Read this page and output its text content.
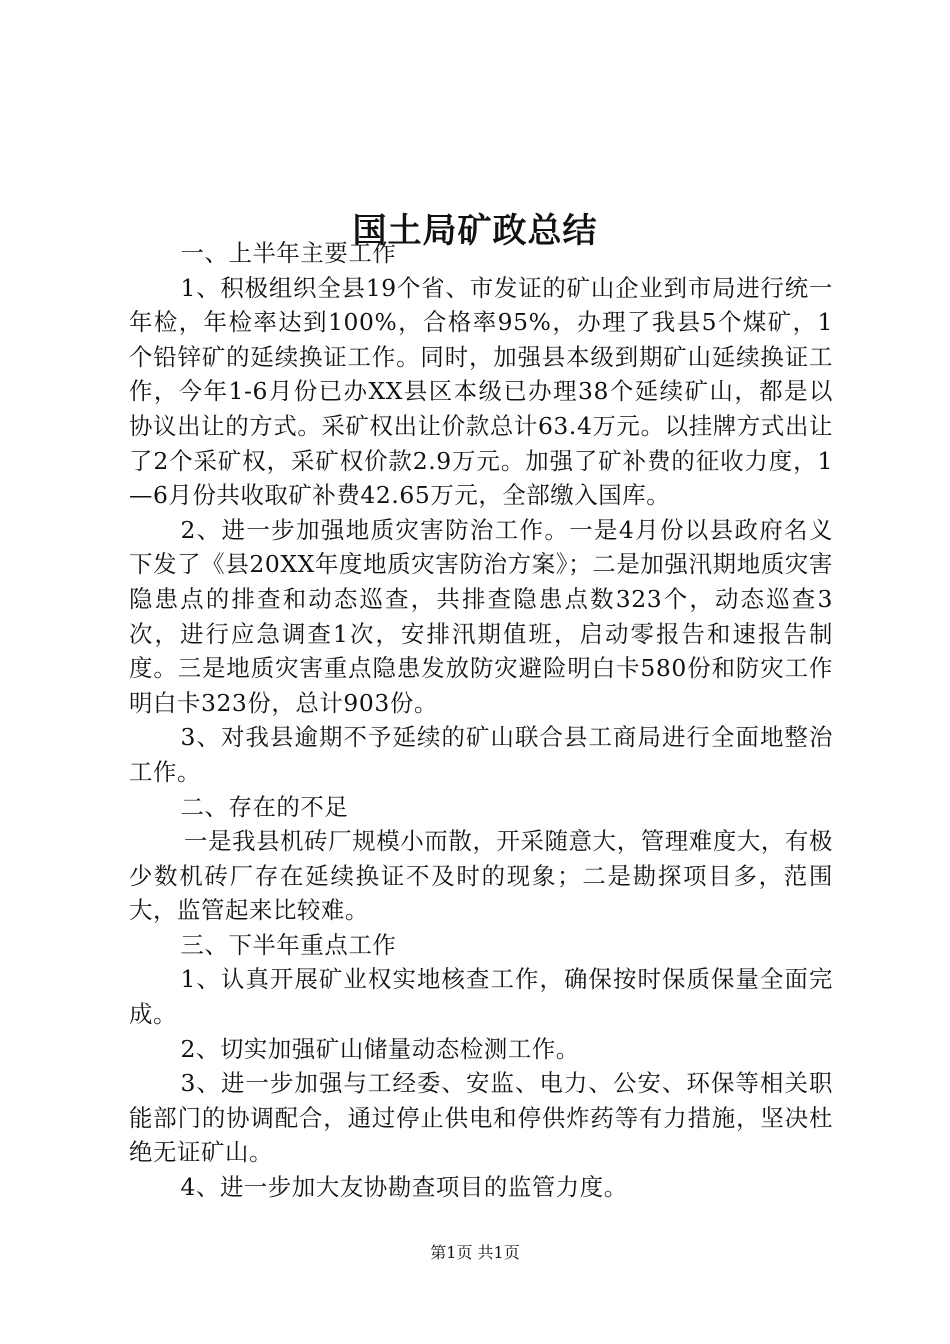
国土局矿政总结

一、上半年主要工作

1、积极组织全县19个省、市发证的矿山企业到市局进行统一年检，年检率达到100%，合格率95%，办理了我县5个煤矿，1个铅锌矿的延续换证工作。同时，加强县本级到期矿山延续换证工作，今年1-6月份已办XX县区本级已办理38个延续矿山，都是以协议出让的方式。采矿权出让价款总计63.4万元。以挂牌方式出让了2个采矿权，采矿权价款2.9万元。加强了矿补费的征收力度，1—6月份共收取矿补费42.65万元，全部缴入国库。

2、进一步加强地质灾害防治工作。一是4月份以县政府名义下发了《县20XX年度地质灾害防治方案》；二是加强汛期地质灾害隐患点的排查和动态巡查，共排查隐患点数323个，动态巡查3次，进行应急调查1次，安排汛期值班，启动零报告和速报告制度。三是地质灾害重点隐患发放防灾避险明白卡580份和防灾工作明白卡323份，总计903份。

3、对我县逾期不予延续的矿山联合县工商局进行全面地整治工作。

二、存在的不足

一是我县机砖厂规模小而散，开采随意大，管理难度大，有极少数机砖厂存在延续换证不及时的现象；二是勘探项目多，范围大，监管起来比较难。

三、下半年重点工作

1、认真开展矿业权实地核查工作，确保按时保质保量全面完成。

2、切实加强矿山储量动态检测工作。

3、进一步加强与工经委、安监、电力、公安、环保等相关职能部门的协调配合，通过停止供电和停供炸药等有力措施，坚决杜绝无证矿山。

4、进一步加大友协勘查项目的监管力度。

第1页 共1页
